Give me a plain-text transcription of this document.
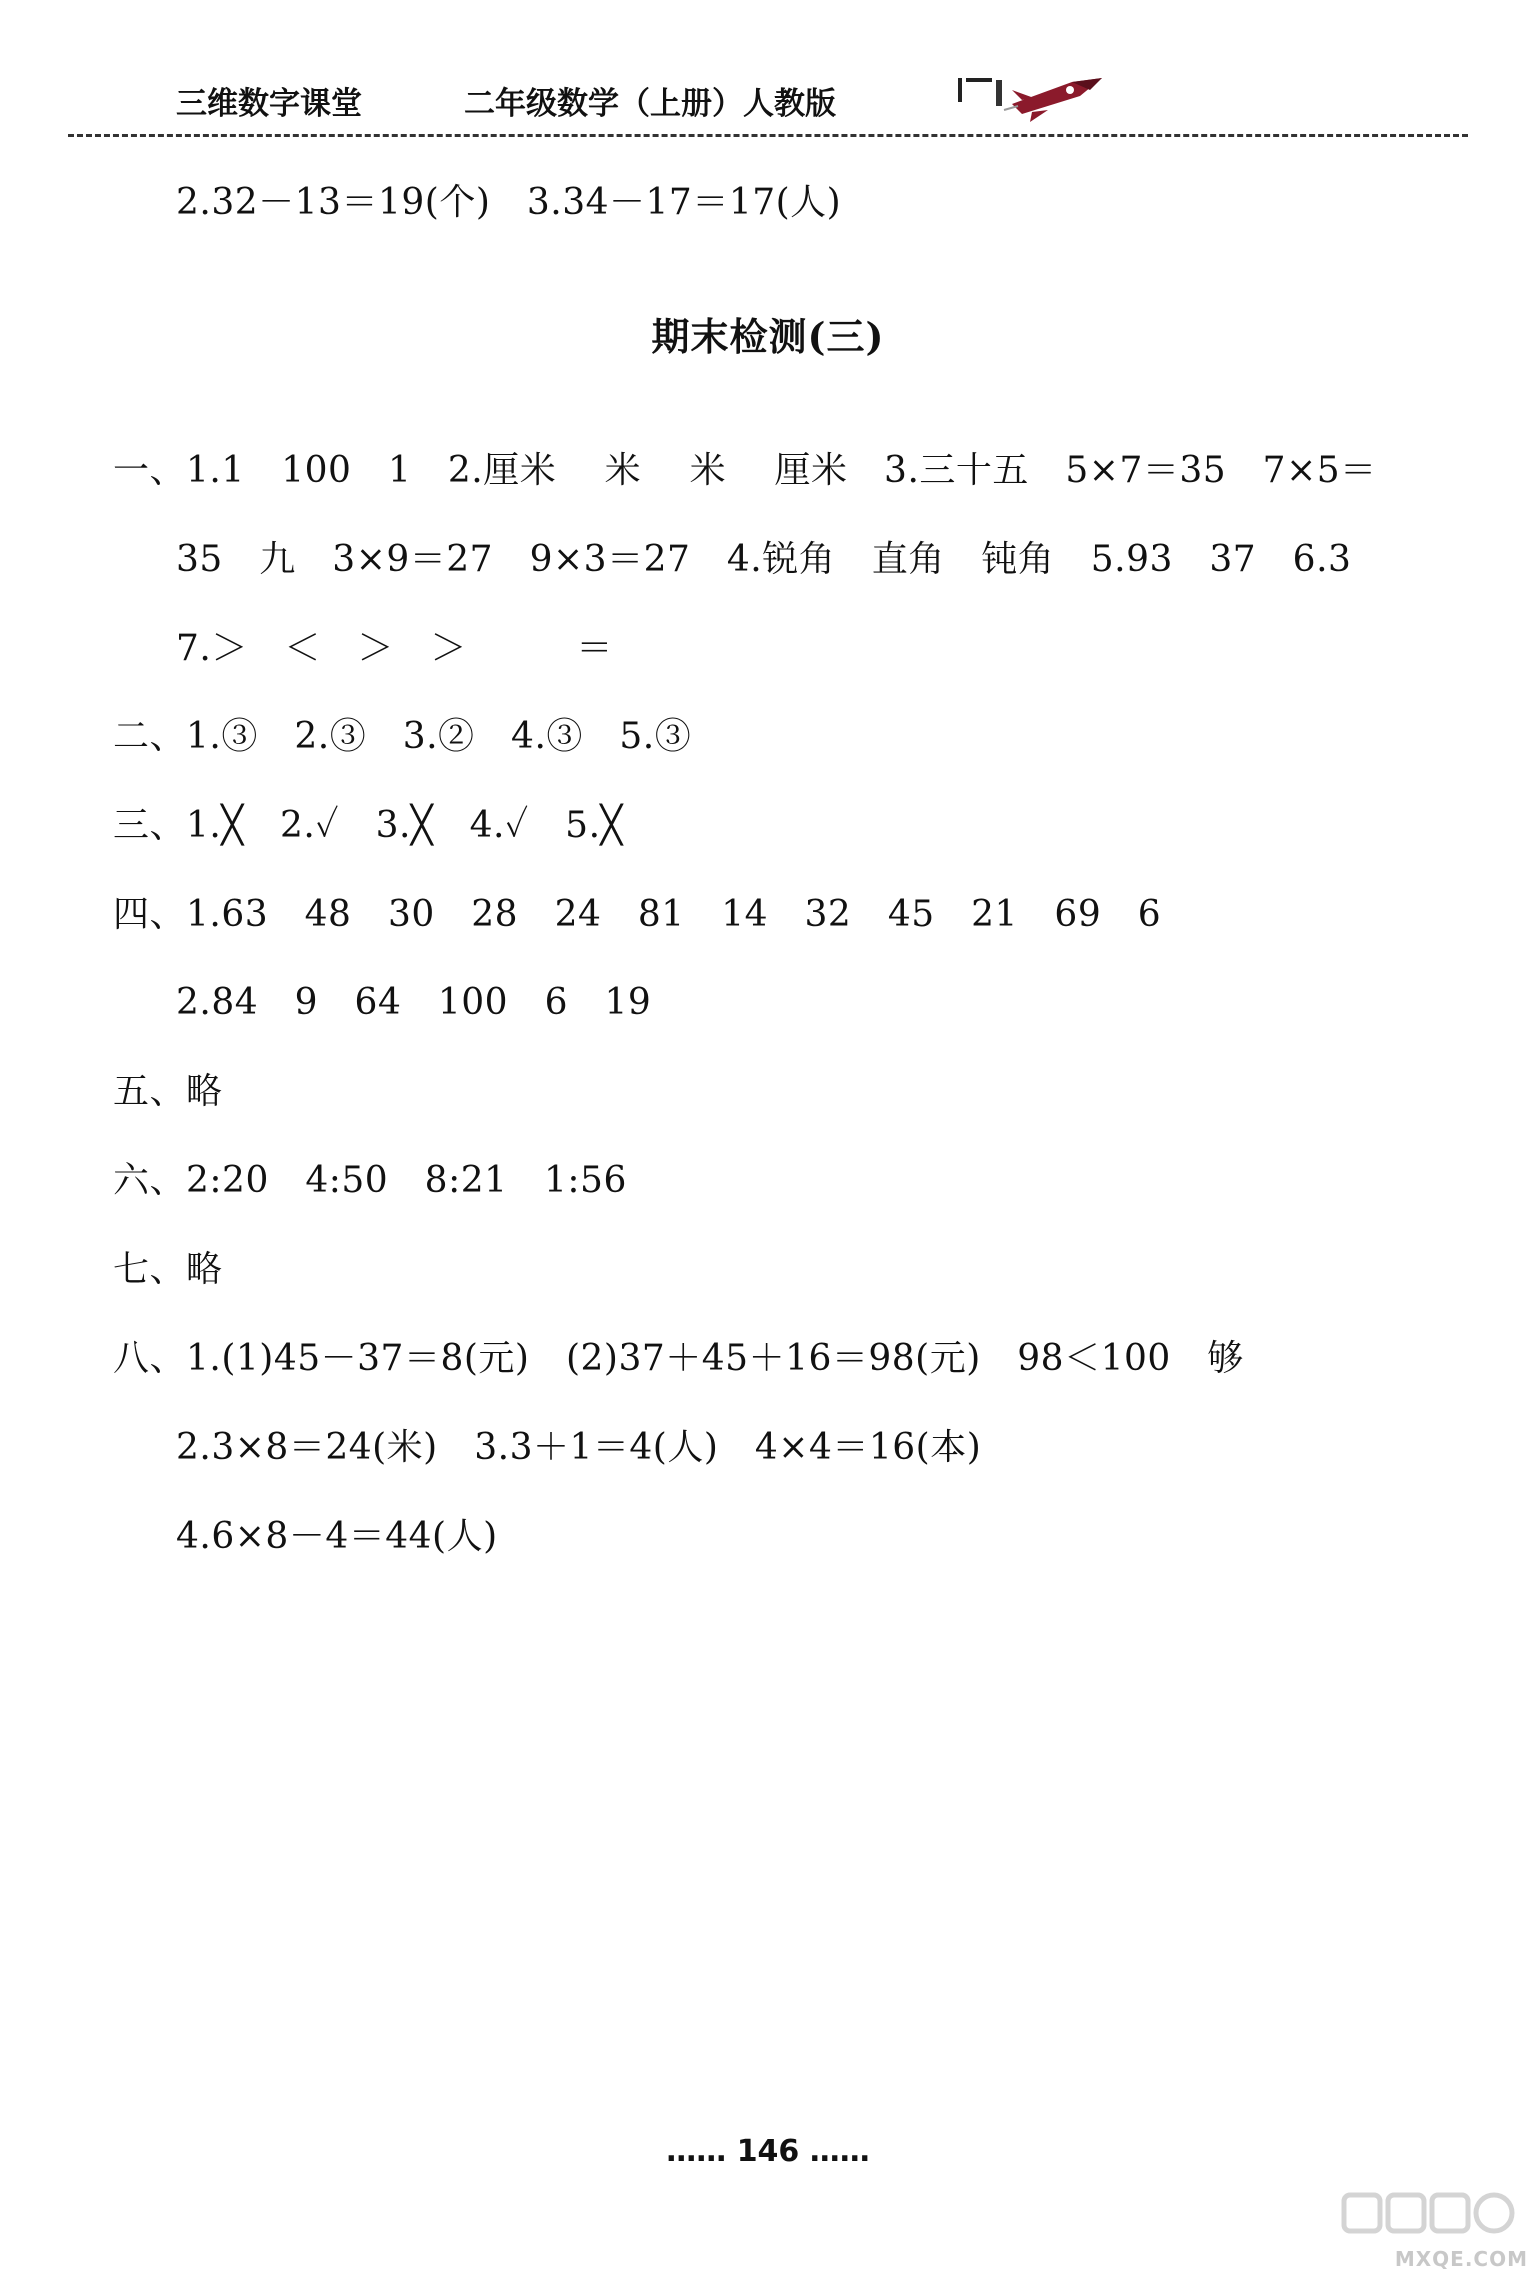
三维数字课堂	二年级数学（上册）人教版
2.32－13＝19(个)　3.34－17＝17(人)
期末检测(三)
一、1.1　100　1　2.厘米　 米　 米　 厘米　3.三十五　5×7＝35　7×5＝
35　九　3×9＝27　9×3＝27　4.锐角　直角　钝角　5.93　37　6.3
7.＞　＜　＞　＞　　　＝
二、1.③　2.③　3.②　4.③　5.③
三、1.╳　2.✓　3.╳　4.✓　5.╳
四、1.63　48　30　28　24　81　14　32　45　21　69　6
2.84　9　64　100　6　19
五、略
六、2:20　4:50　8:21　1:56
七、略
八、1.(1)45－37＝8(元)　(2)37＋45＋16＝98(元)　98＜100　够
2.3×8＝24(米)　3.3＋1＝4(人)　4×4＝16(本)
4.6×8－4＝44(人)
…… 146 ……
MXQE.COM
